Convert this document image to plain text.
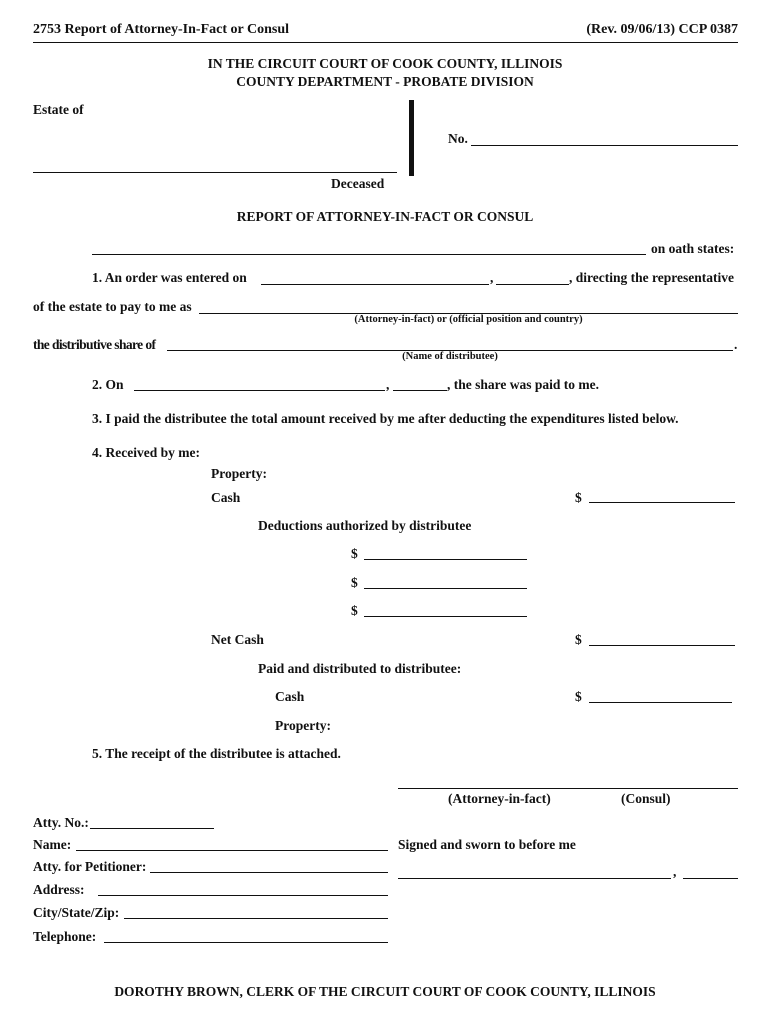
2753 Report of Attorney-In-Fact or Consul	(Rev. 09/06/13) CCP 0387
IN THE CIRCUIT COURT OF COOK COUNTY, ILLINOIS
COUNTY DEPARTMENT - PROBATE DIVISION
Estate of
No.
Deceased
REPORT OF ATTORNEY-IN-FACT OR CONSUL
on oath states:
1. An order was entered on	,	, directing the representative
of the estate to pay to me as
(Attorney-in-fact) or (official position and country)
the distributive share of	.
(Name of distributee)
2. On	,	, the share was paid to me.
3. I paid the distributee the total amount received by me after deducting the expenditures listed below.
4. Received by me:
Property:
Cash	$
Deductions authorized by distributee
$
$
$
Net Cash	$
Paid and distributed to distributee:
Cash	$
Property:
5. The receipt of the distributee is attached.
(Attorney-in-fact)	(Consul)
Atty. No.:
Name:	Signed and sworn to before me
Atty. for Petitioner:	,
Address:
City/State/Zip:
Telephone:
DOROTHY BROWN, CLERK OF THE CIRCUIT COURT OF COOK COUNTY, ILLINOIS
